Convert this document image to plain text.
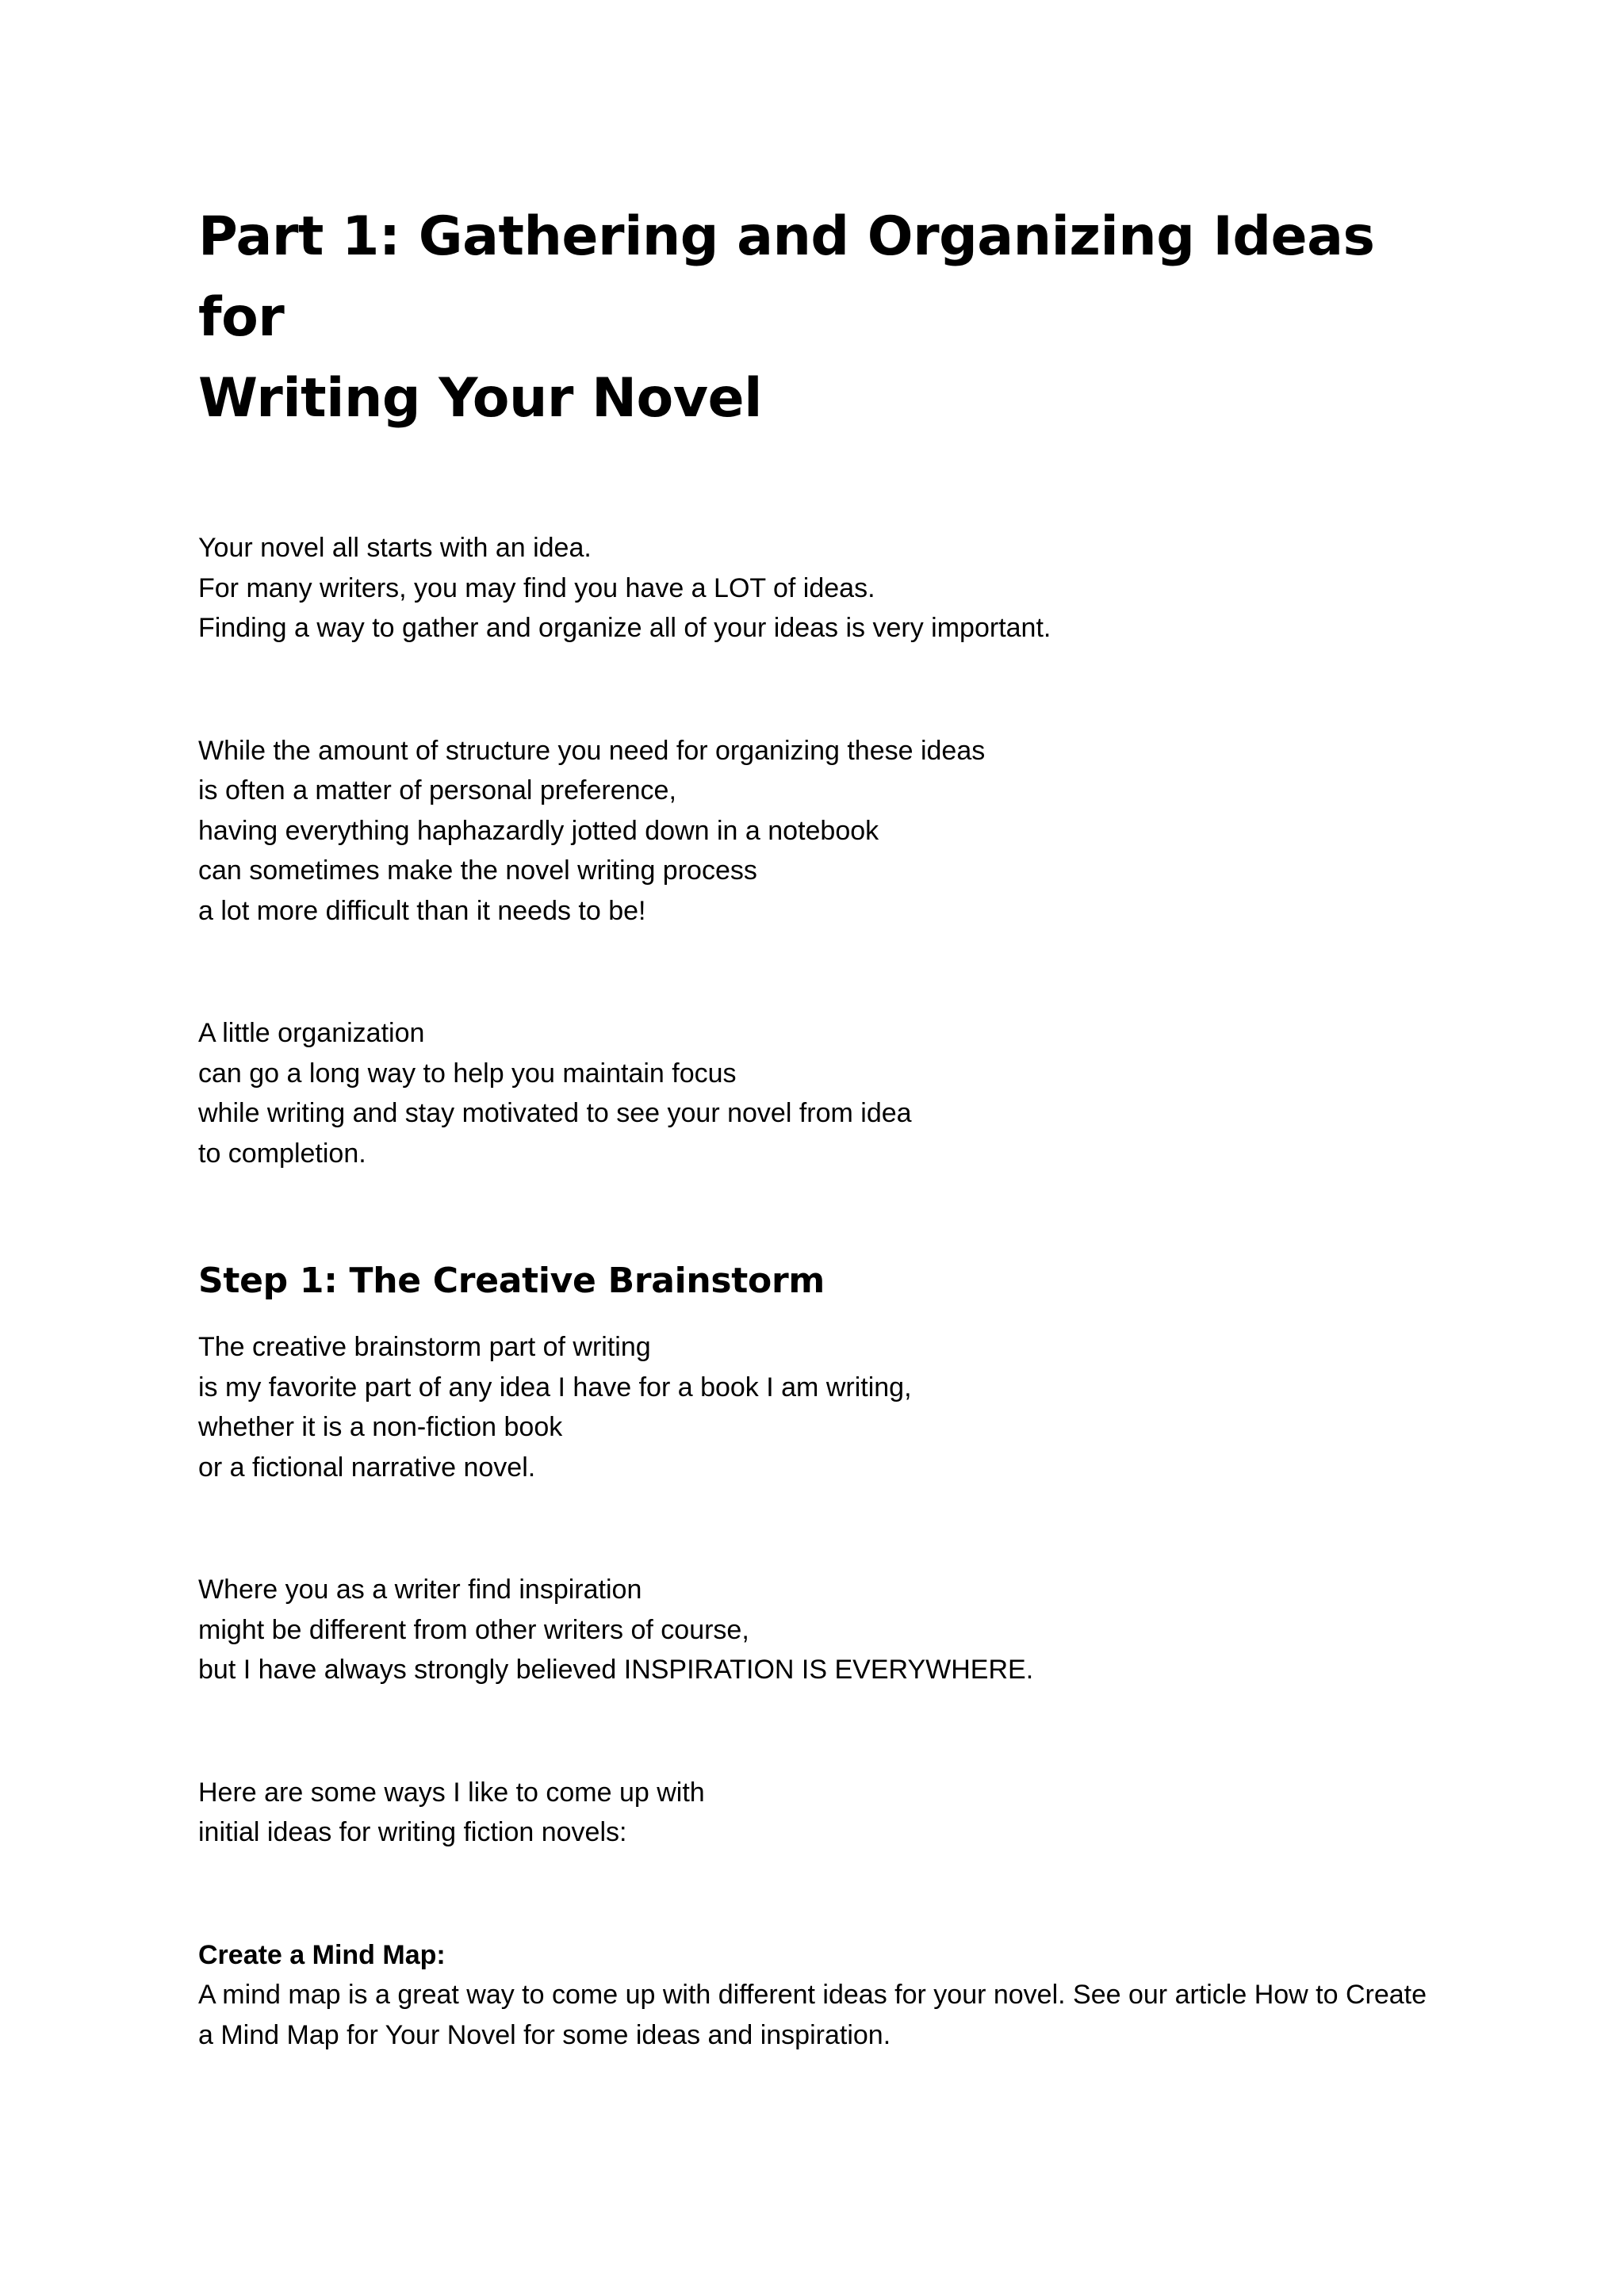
Part 1: Gathering and Organizing Ideas for
Writing Your Novel

Your novel all starts with an idea.
For many writers, you may find you have a LOT of ideas.
Finding a way to gather and organize all of your ideas is very important.

While the amount of structure you need for organizing these ideas
is often a matter of personal preference,
having everything haphazardly jotted down in a notebook
can sometimes make the novel writing process
a lot more difficult than it needs to be!

A little organization
can go a long way to help you maintain focus
while writing and stay motivated to see your novel from idea
to completion.

Step 1: The Creative Brainstorm

The creative brainstorm part of writing
is my favorite part of any idea I have for a book I am writing,
whether it is a non-fiction book
or a fictional narrative novel.

Where you as a writer find inspiration
might be different from other writers of course,
but I have always strongly believed INSPIRATION IS EVERYWHERE.

Here are some ways I like to come up with
initial ideas for writing fiction novels:

Create a Mind Map:

A mind map is a great way to come up with different ideas for your novel. See our article How to Create a Mind Map for Your Novel for some ideas and inspiration.
